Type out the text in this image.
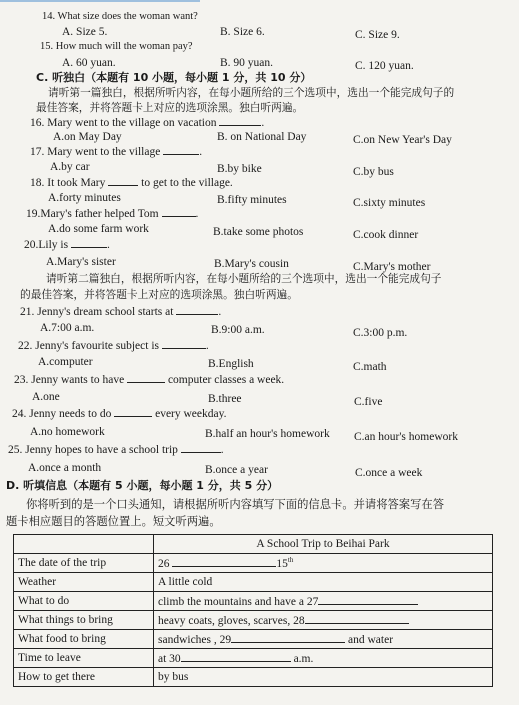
14. What size does the woman want?
A. Size 5.	B. Size 6.	C. Size 9.
15. How much will the woman pay?
A. 60 yuan.	B. 90 yuan.	C. 120 yuan.
C. 听独白（本题有 10 小题，每小题 1 分，共 10 分）
请听第一篇独白，根据所听内容，在每小题所给的三个选项中，选出一个能完成句子的
最佳答案，并将答题卡上对应的选项涂黑。独白听两遍。
16. Mary went to the village on vacation	.
A.on May Day	B. on National Day	C.on New Year's Day
17. Mary went to the village	.
A.by car	B.by bike	C.by bus
18. It took Mary	to get to the village.
A.forty minutes	B.fifty minutes	C.sixty minutes
19.Mary's father helped Tom	.
A.do some farm work	B.take some photos	C.cook dinner
20.Lily is	.
A.Mary's sister	B.Mary's cousin	C.Mary's mother
请听第二篇独白，根据所听内容，在每小题所给的三个选项中，选出一个能完成句子
的最佳答案，并将答题卡上对应的选项涂黑。独白听两遍。
21. Jenny's dream school starts at	.
A.7:00 a.m.	B.9:00 a.m.	C.3:00 p.m.
22. Jenny's favourite subject is	.
A.computer	B.English	C.math
23. Jenny wants to have	computer classes a week.
A.one	B.three	C.five
24. Jenny needs to do	every weekday.
A.no homework	B.half an hour's homework C.an hour's homework
25. Jenny hopes to have a school trip	.
A.once a month	B.once a year	C.once a week
D. 听填信息（本题有 5 小题，每小题 1 分，共 5 分）
你将听到的是一个口头通知，请根据所听内容填写下面的信息卡。并请将答案写在答
题卡相应题目的答题位置上。短文听两遍。
	A School Trip to Beihai Park
The date of the trip	26 15th
Weather	A little cold
What to do	climb the mountains and have a 27
What things to bring	heavy coats, gloves, scarves, 28
What food to bring	sandwiches , 29 and water
Time to leave	at 30 a.m.
How to get there	by bus
